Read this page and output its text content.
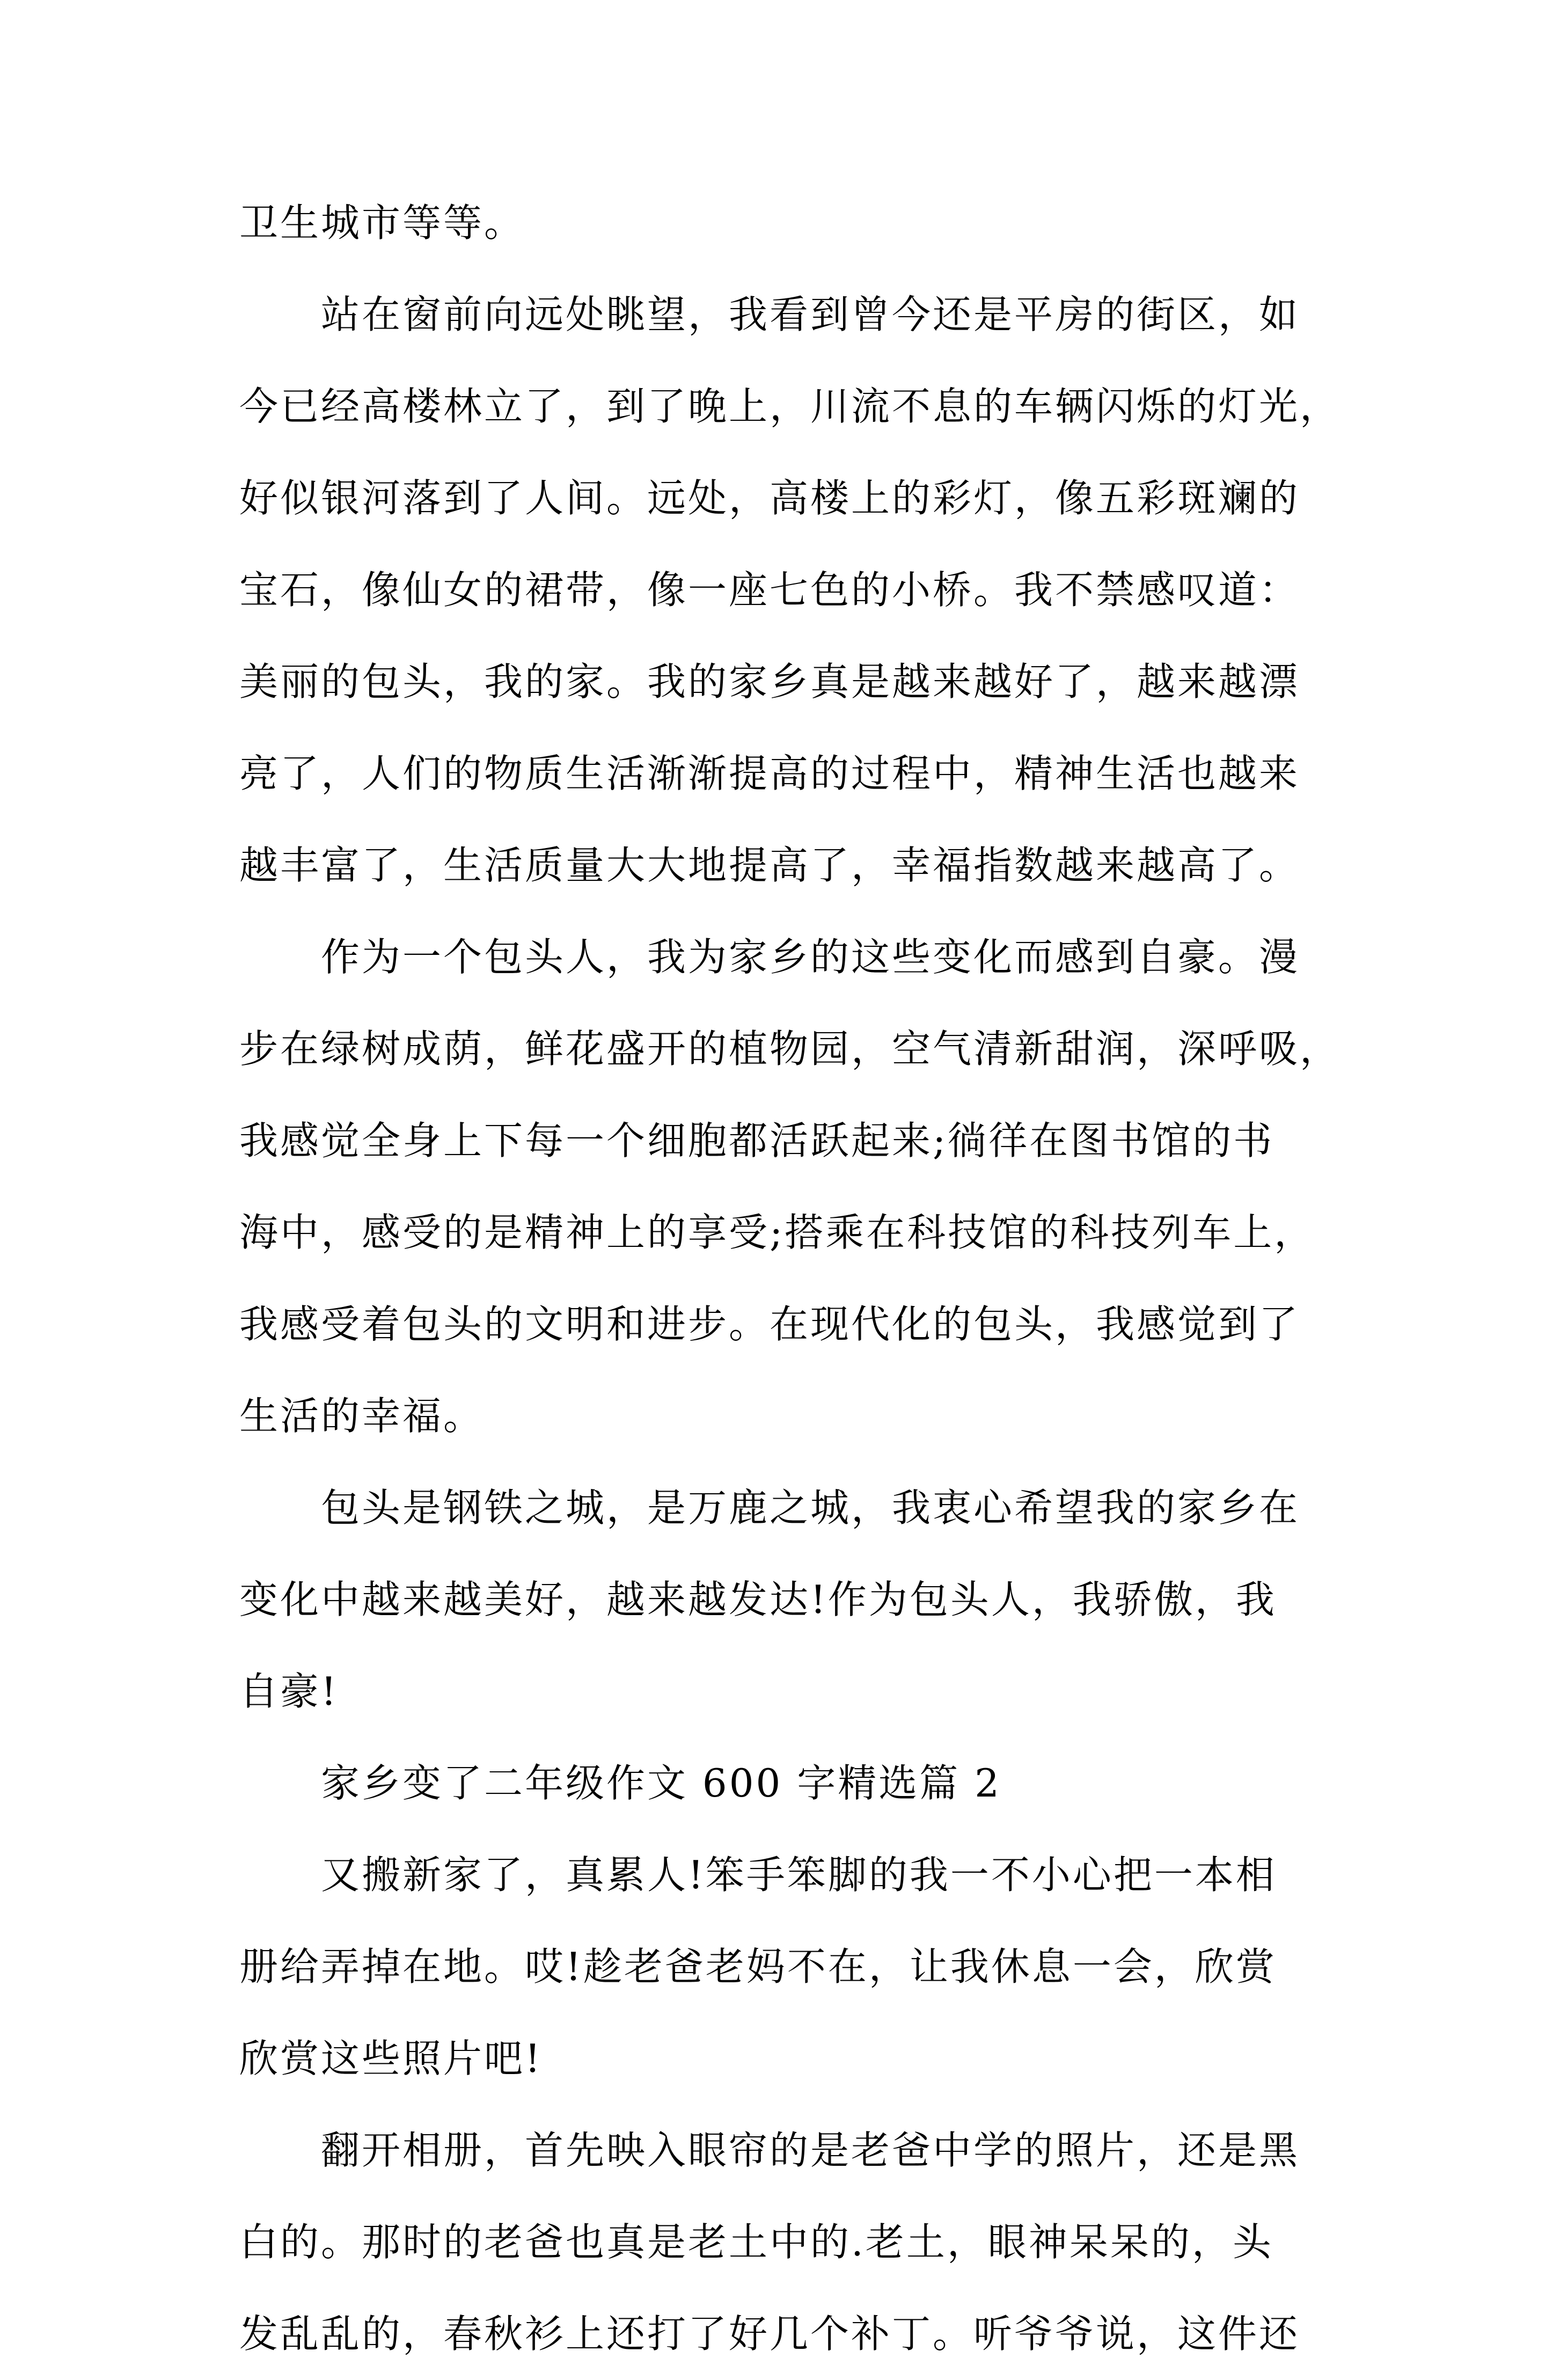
卫生城市等等。
站在窗前向远处眺望，我看到曾今还是平房的街区，如
今已经高楼林立了，到了晚上，川流不息的车辆闪烁的灯光，
好似银河落到了人间。远处，高楼上的彩灯，像五彩斑斓的
宝石，像仙女的裙带，像一座七色的小桥。我不禁感叹道：
美丽的包头，我的家。我的家乡真是越来越好了，越来越漂
亮了，人们的物质生活渐渐提高的过程中，精神生活也越来
越丰富了，生活质量大大地提高了，幸福指数越来越高了。
作为一个包头人，我为家乡的这些变化而感到自豪。漫
步在绿树成荫，鲜花盛开的植物园，空气清新甜润，深呼吸，
我感觉全身上下每一个细胞都活跃起来;徜徉在图书馆的书
海中，感受的是精神上的享受;搭乘在科技馆的科技列车上，
我感受着包头的文明和进步。在现代化的包头，我感觉到了
生活的幸福。
包头是钢铁之城，是万鹿之城，我衷心希望我的家乡在
变化中越来越美好，越来越发达!作为包头人，我骄傲，我
自豪!
家乡变了二年级作文 600 字精选篇 2
又搬新家了，真累人!笨手笨脚的我一不小心把一本相
册给弄掉在地。哎!趁老爸老妈不在，让我休息一会，欣赏
欣赏这些照片吧!
翻开相册，首先映入眼帘的是老爸中学的照片，还是黑
白的。那时的老爸也真是老土中的.老土，眼神呆呆的，头
发乱乱的，春秋衫上还打了好几个补丁。听爷爷说，这件还
